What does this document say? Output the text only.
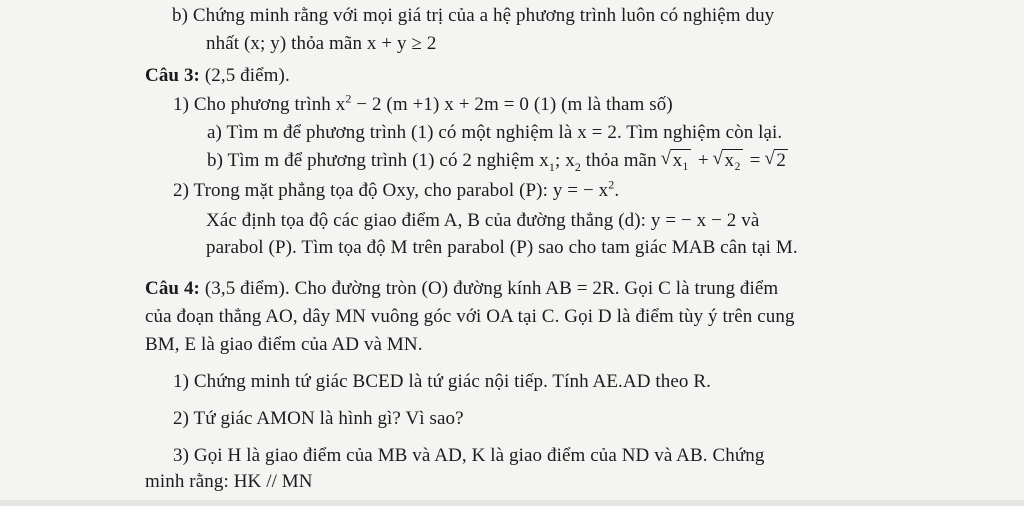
b) Chứng minh rằng với mọi giá trị của a hệ phương trình luôn có nghiệm duy
nhất (x; y) thỏa mãn x + y ≥ 2
Câu 3: (2,5 điểm).
1) Cho phương trình $x^2 - 2$ (m +1) x + 2m = 0 (1) (m là tham số)
a) Tìm m để phương trình (1) có một nghiệm là x = 2. Tìm nghiệm còn lại.
b) Tìm m để phương trình (1) có 2 nghiệm $x_1$; $x_2$ thỏa mãn √ x₁ + √ x₂ = √ 2
2) Trong mặt phẳng tọa độ Oxy, cho parabol (P): y = − $x^2$.
Xác định tọa độ các giao điểm A, B của đường thẳng (d): y = − x − 2 và
parabol (P). Tìm tọa độ M trên parabol (P) sao cho tam giác MAB cân tại M.
Câu 4: (3,5 điểm). Cho đường tròn (O) đường kính AB = 2R. Gọi C là trung điểm
của đoạn thẳng AO, dây MN vuông góc với OA tại C. Gọi D là điểm tùy ý trên cung
BM, E là giao điểm của AD và MN.
1) Chứng minh tứ giác BCED là tứ giác nội tiếp. Tính AE.AD theo R.
2) Tứ giác AMON là hình gì? Vì sao?
3) Gọi H là giao điểm của MB và AD, K là giao điểm của ND và AB. Chứng
minh rằng: HK // MN
